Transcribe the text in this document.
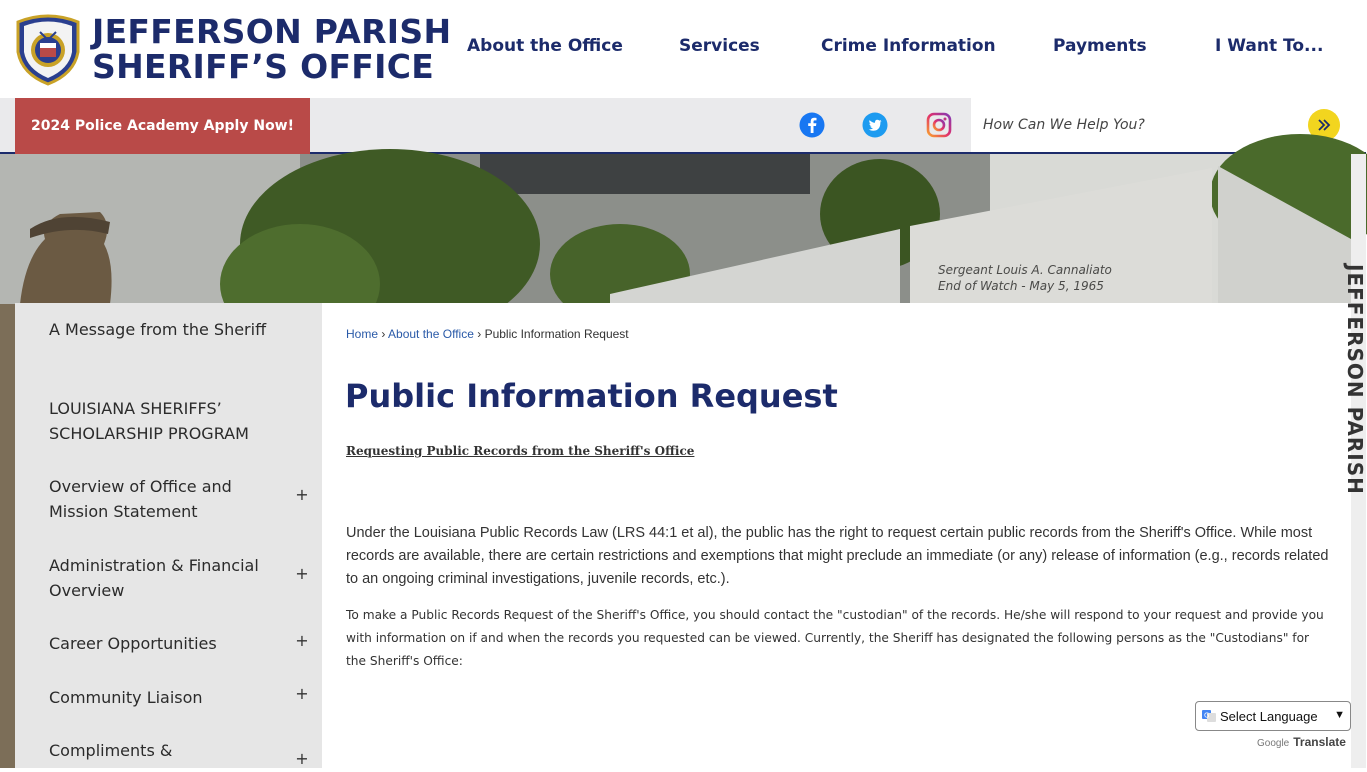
JEFFERSON PARISH
SHERIFF’S OFFICE
About the Office	Services	Crime Information	Payments	I Want To...
2024 Police Academy Apply Now!
How Can We Help You?
Sergeant Louis A. Cannaliato
End of Watch - May 5, 1965
A Message from the Sheriff
LOUISIANA SHERIFFS’ SCHOLARSHIP PROGRAM
Overview of Office and Mission Statement
+
Administration & Financial Overview
+
Career Opportunities	+
Community Liaison	+
Compliments &	+
Home › About the Office › Public Information Request
Public Information Request
Requesting Public Records from the Sheriff's Office

Under the Louisiana Public Records Law (LRS 44:1 et al), the public has the right to request certain public records from the Sheriff's Office. While most records are available, there are certain restrictions and exemptions that might preclude an immediate (or any) release of information (e.g., records related to an ongoing criminal investigations, juvenile records, etc.).

To make a Public Records Request of the Sheriff's Office, you should contact the "custodian" of the records. He/she will respond to your request and provide you with information on if and when the records you requested can be viewed. Currently, the Sheriff has designated the following persons as the "Custodians" for the Sheriff's Office:

JEFFERSON PARISH
G Select Language ▼
Google Translate
